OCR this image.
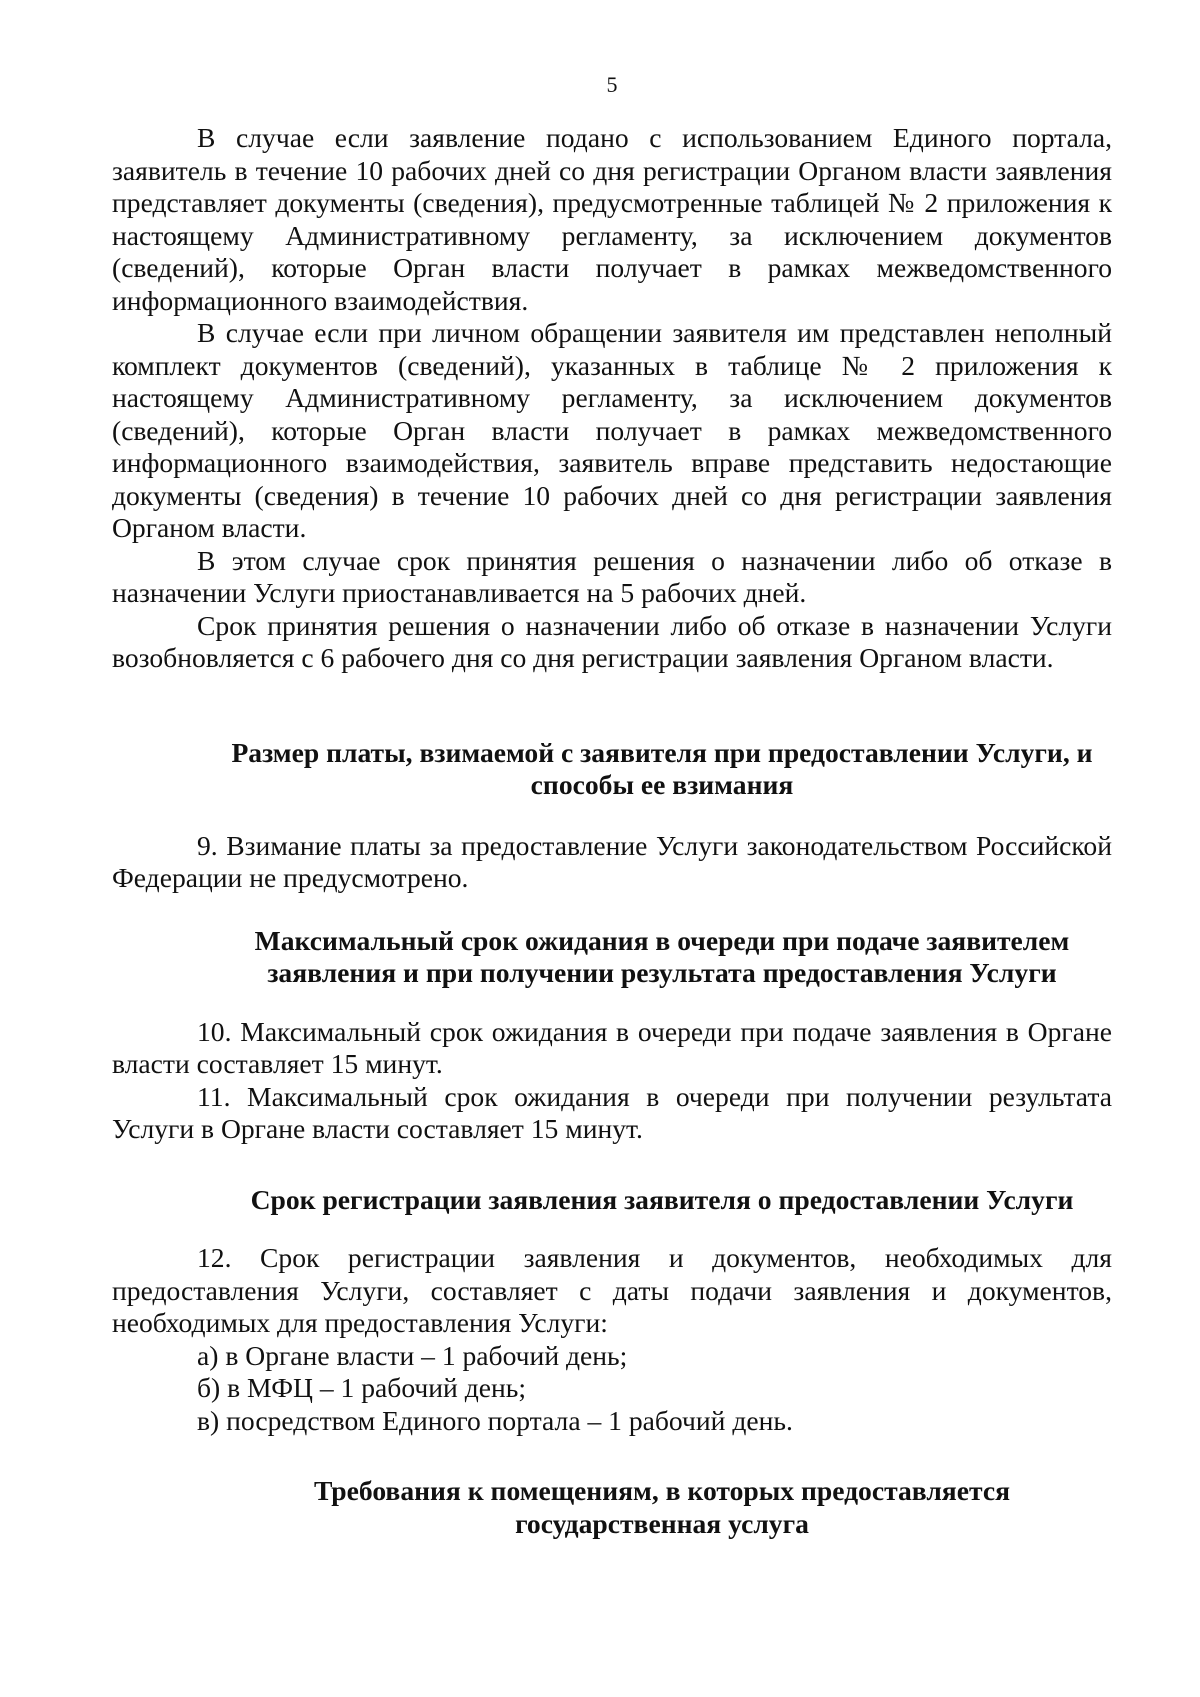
5

В случае если заявление подано с использованием Единого портала, заявитель в течение 10 рабочих дней со дня регистрации Органом власти заявления представляет документы (сведения), предусмотренные таблицей № 2 приложения к настоящему Административному регламенту, за исключением документов (сведений), которые Орган власти получает в рамках межведомственного информационного взаимодействия.

В случае если при личном обращении заявителя им представлен неполный комплект документов (сведений), указанных в таблице № 2 приложения к настоящему Административному регламенту, за исключением документов (сведений), которые Орган власти получает в рамках межведомственного информационного взаимодействия, заявитель вправе представить недостающие документы (сведения) в течение 10 рабочих дней со дня регистрации заявления Органом власти.

В этом случае срок принятия решения о назначении либо об отказе в назначении Услуги приостанавливается на 5 рабочих дней.

Срок принятия решения о назначении либо об отказе в назначении Услуги возобновляется с 6 рабочего дня со дня регистрации заявления Органом власти.

Размер платы, взимаемой с заявителя при предоставлении Услуги, и
способы ее взимания

9. Взимание платы за предоставление Услуги законодательством Российской Федерации не предусмотрено.

Максимальный срок ожидания в очереди при подаче заявителем
заявления и при получении результата предоставления Услуги

10. Максимальный срок ожидания в очереди при подаче заявления в Органе власти составляет 15 минут.

11. Максимальный срок ожидания в очереди при получении результата Услуги в Органе власти составляет 15 минут.

Срок регистрации заявления заявителя о предоставлении Услуги

12. Срок регистрации заявления и документов, необходимых для предоставления Услуги, составляет с даты подачи заявления и документов, необходимых для предоставления Услуги:

а) в Органе власти – 1 рабочий день;

б) в МФЦ – 1 рабочий день;

в) посредством Единого портала – 1 рабочий день.

Требования к помещениям, в которых предоставляется
государственная услуга
